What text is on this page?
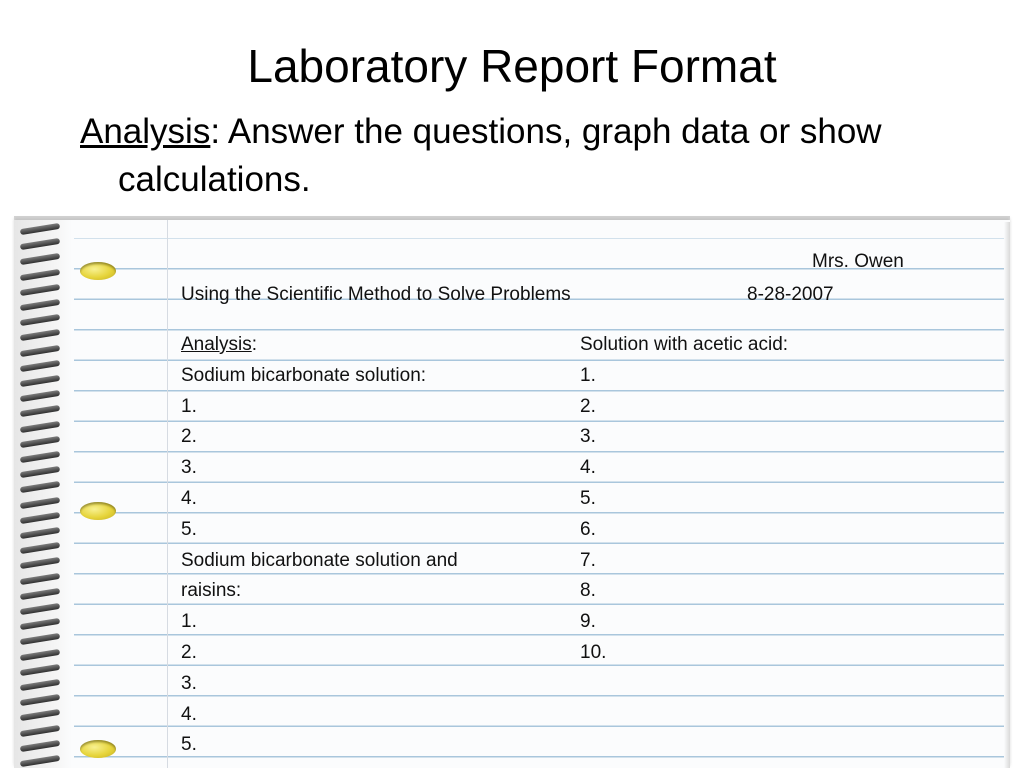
Laboratory Report Format
Analysis: Answer the questions, graph data or show calculations.
Mrs. Owen
Using the Scientific Method to Solve Problems	8-28-2007
Analysis:
Sodium bicarbonate solution:
1.
2.
3.
4.
5.
Sodium bicarbonate solution and
raisins:
1.
2.
3.
4.
5.
Solution with acetic acid:
1.
2.
3.
4.
5.
6.
7.
8.
9.
10.
